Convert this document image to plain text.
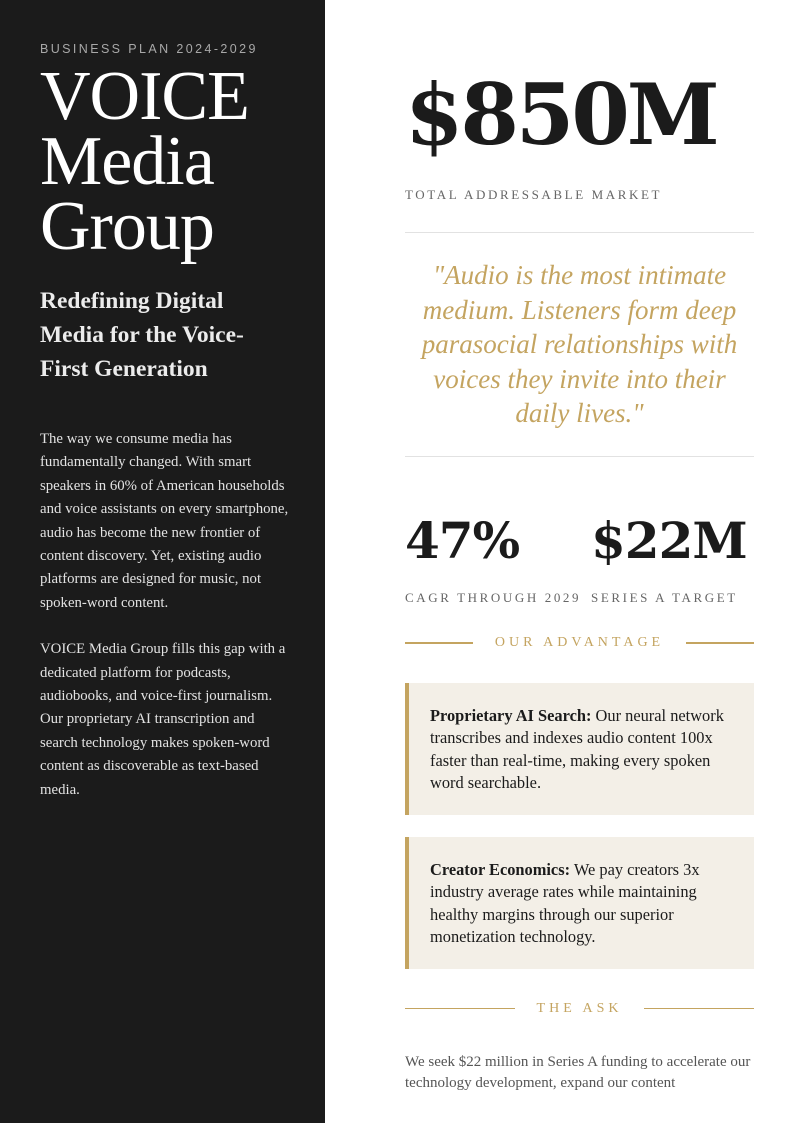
BUSINESS PLAN 2024-2029
VOICE
Media
Group
Redefining Digital Media for the Voice-First Generation

The way we consume media has fundamentally changed. With smart speakers in 60% of American households and voice assistants on every smartphone, audio has become the new frontier of content discovery. Yet, existing audio platforms are designed for music, not spoken-word content.

VOICE Media Group fills this gap with a dedicated platform for podcasts, audiobooks, and voice-first journalism. Our proprietary AI transcription and search technology makes spoken-word content as discoverable as text-based media.

$850M
TOTAL ADDRESSABLE MARKET
"Audio is the most intimate medium. Listeners form deep parasocial relationships with voices they invite into their daily lives."
47%
CAGR THROUGH 2029
$22M
SERIES A TARGET
OUR ADVANTAGE
Proprietary AI Search: Our neural network transcribes and indexes audio content 100x faster than real-time, making every spoken word searchable.
Creator Economics: We pay creators 3x industry average rates while maintaining healthy margins through our superior monetization technology.
THE ASK

We seek $22 million in Series A funding to accelerate our technology development, expand our content
